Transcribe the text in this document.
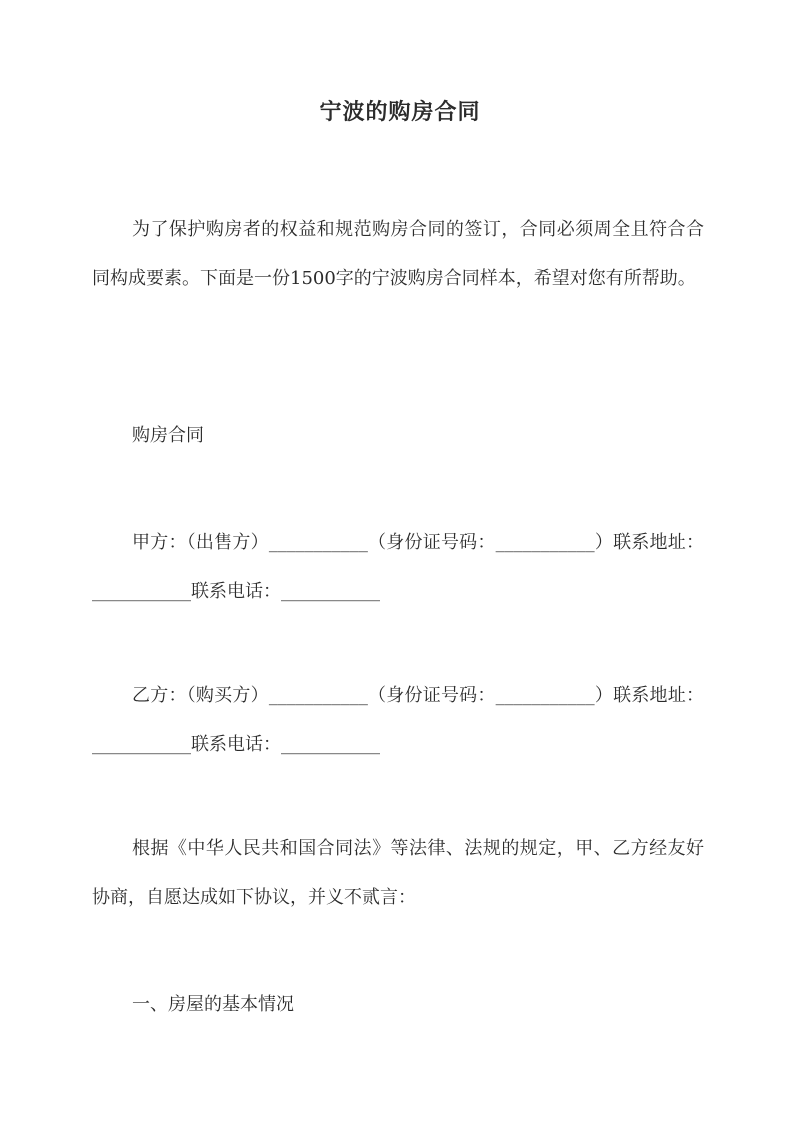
宁波的购房合同

为了保护购房者的权益和规范购房合同的签订，合同必须周全且符合合同构成要素。下面是一份1500字的宁波购房合同样本，希望对您有所帮助。

购房合同

甲方：（出售方）___________（身份证号码：___________）联系地址：___________联系电话：___________

乙方：（购买方）___________（身份证号码：___________）联系地址：___________联系电话：___________

根据《中华人民共和国合同法》等法律、法规的规定，甲、乙方经友好协商，自愿达成如下协议，并义不贰言：

一、房屋的基本情况
